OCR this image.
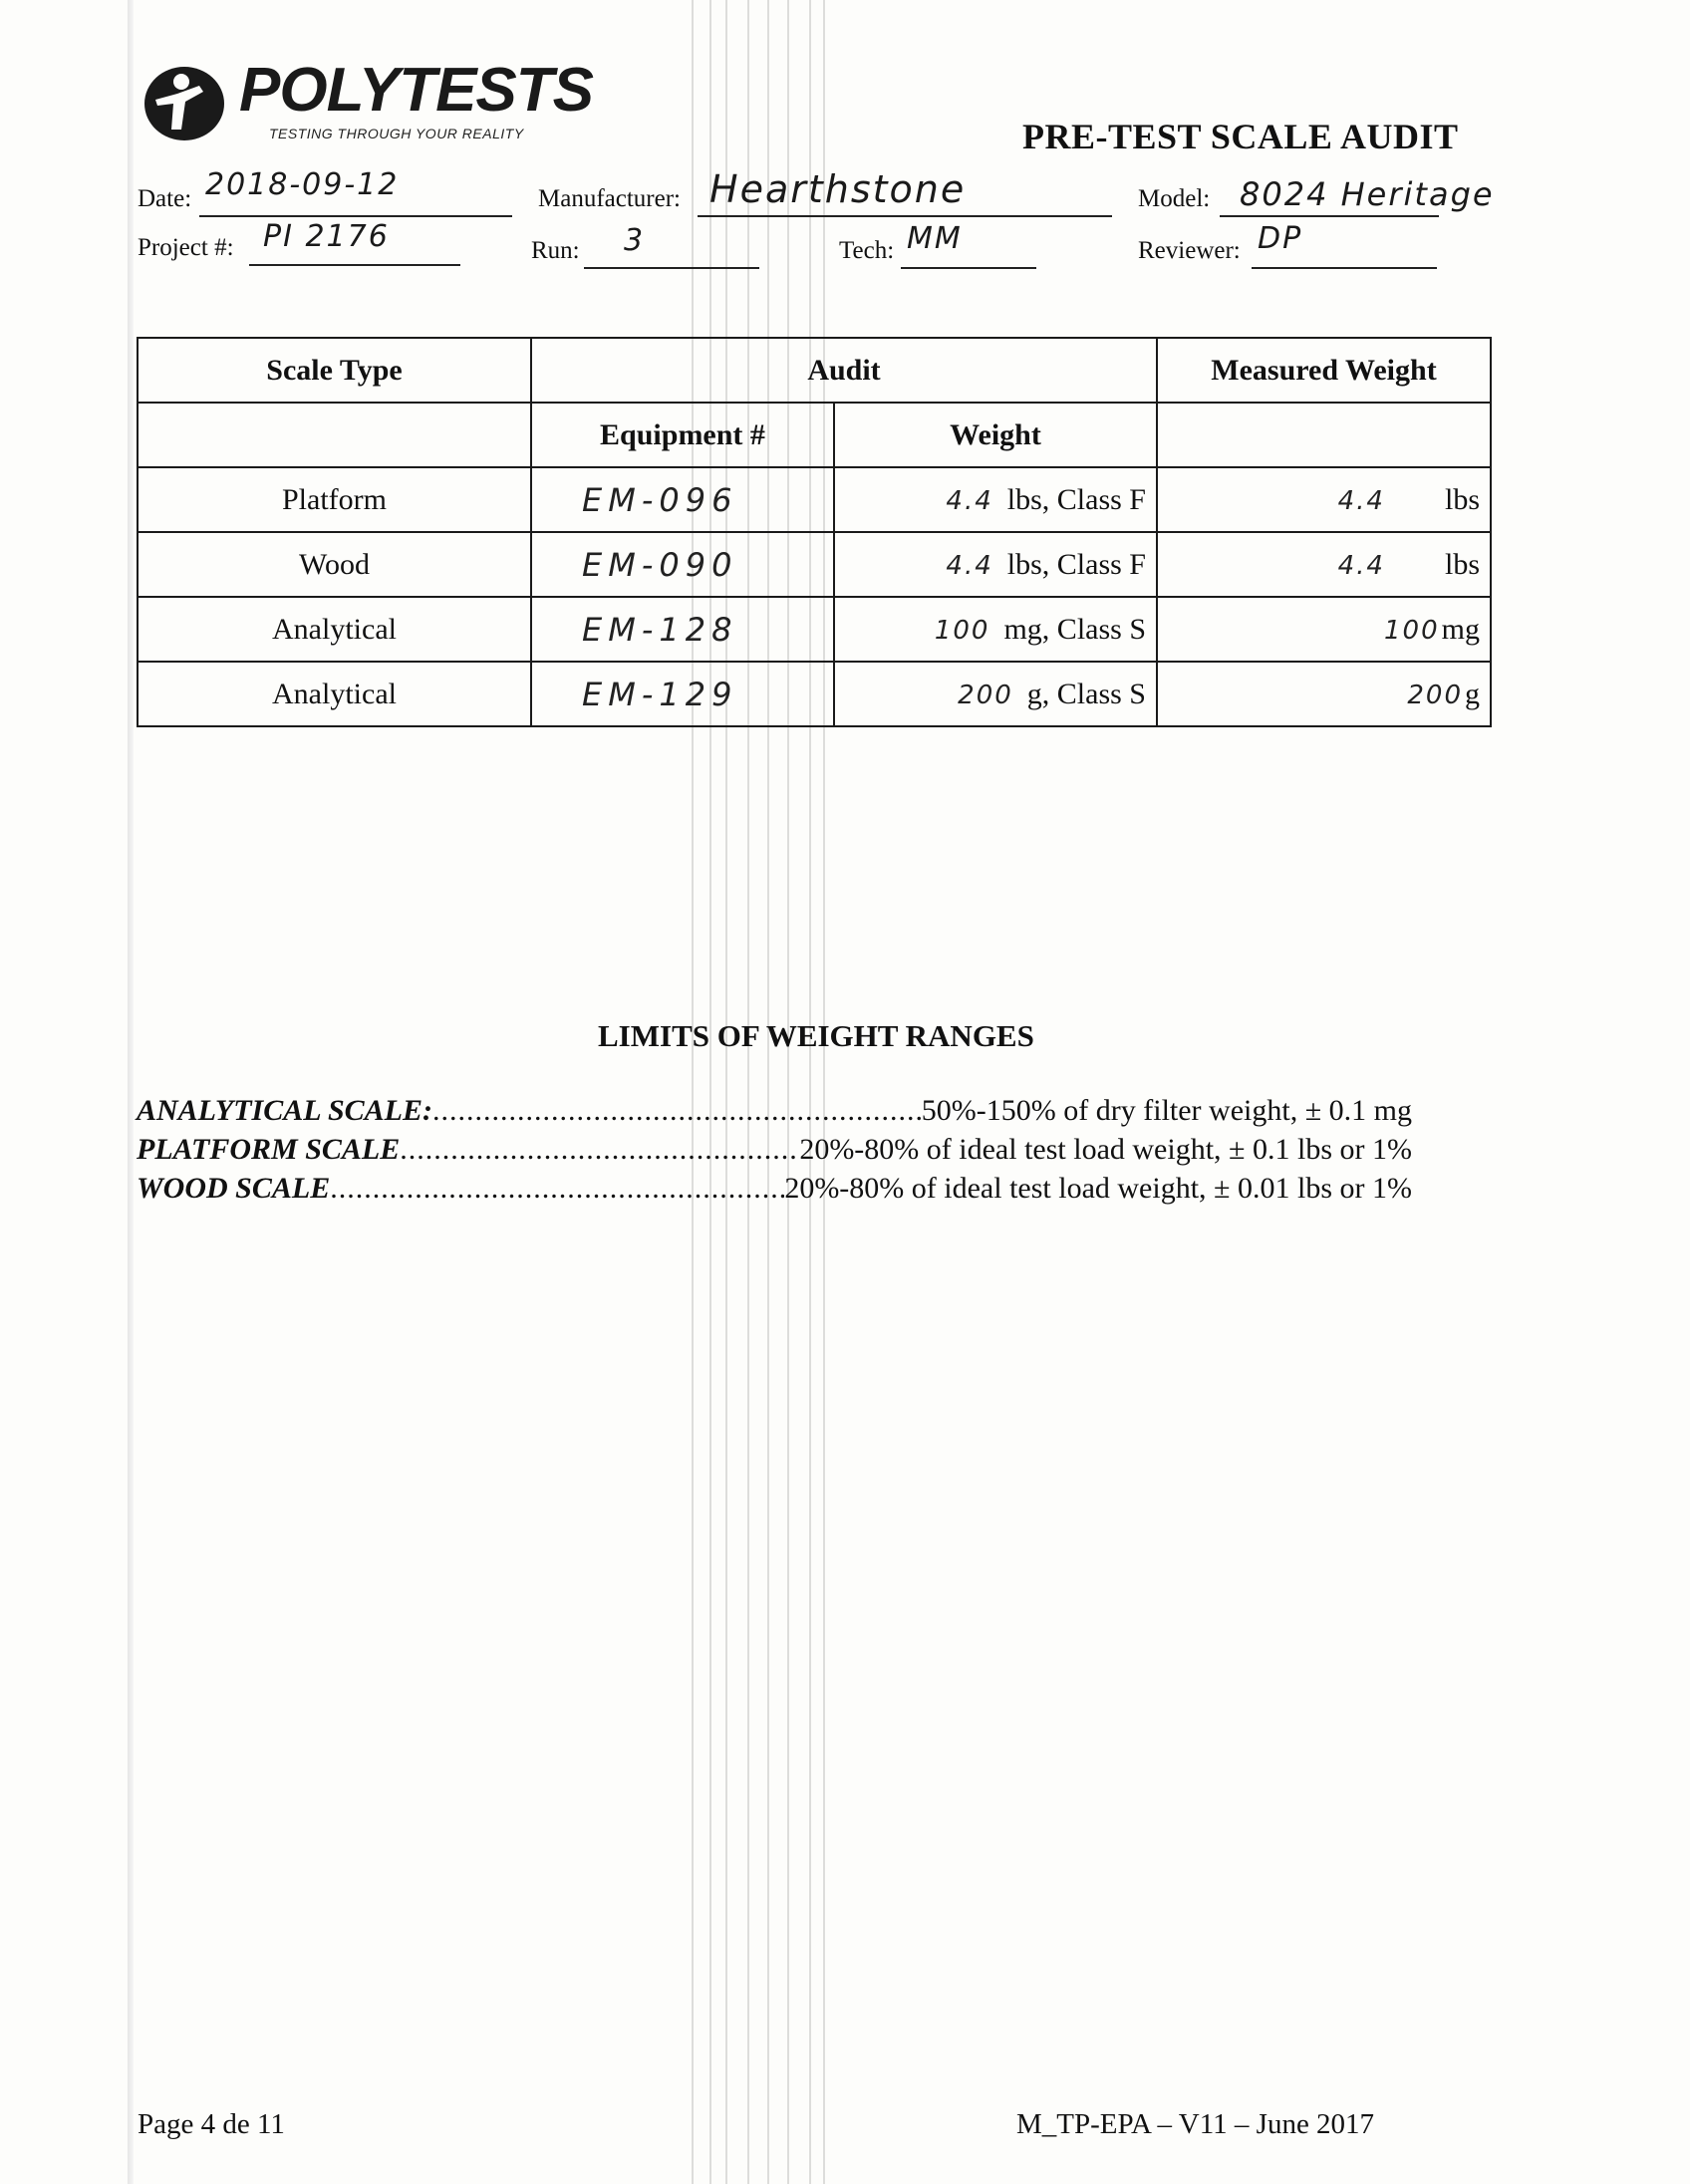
POLYTESTS
TESTING THROUGH YOUR REALITY	PRE-TEST SCALE AUDIT
Date: 2018-09-12	Manufacturer: Hearthstone	Model: 8024 Heritage
Project #: PI 2176	Run: 3	Tech: MM	Reviewer: DP
Scale Type	Audit		Measured Weight
	Equipment #	Weight	
Platform	EM-096	4.4 lbs, Class F	4.4 lbs
Wood	EM-090	4.4 lbs, Class F	4.4 lbs
Analytical	EM-128	100 mg, Class S	100mg
Analytical	EM-129	200 g, Class S	200g
LIMITS OF WEIGHT RANGES
ANALYTICAL SCALE: .....	50%-150% of dry filter weight, ± 0.1 mg
PLATFORM SCALE .....	20%-80% of ideal test load weight, ± 0.1 lbs or 1%
WOOD SCALE .....	20%-80% of ideal test load weight, ± 0.01 lbs or 1%
Page 4 de 11	M_TP-EPA – V11 – June 2017
